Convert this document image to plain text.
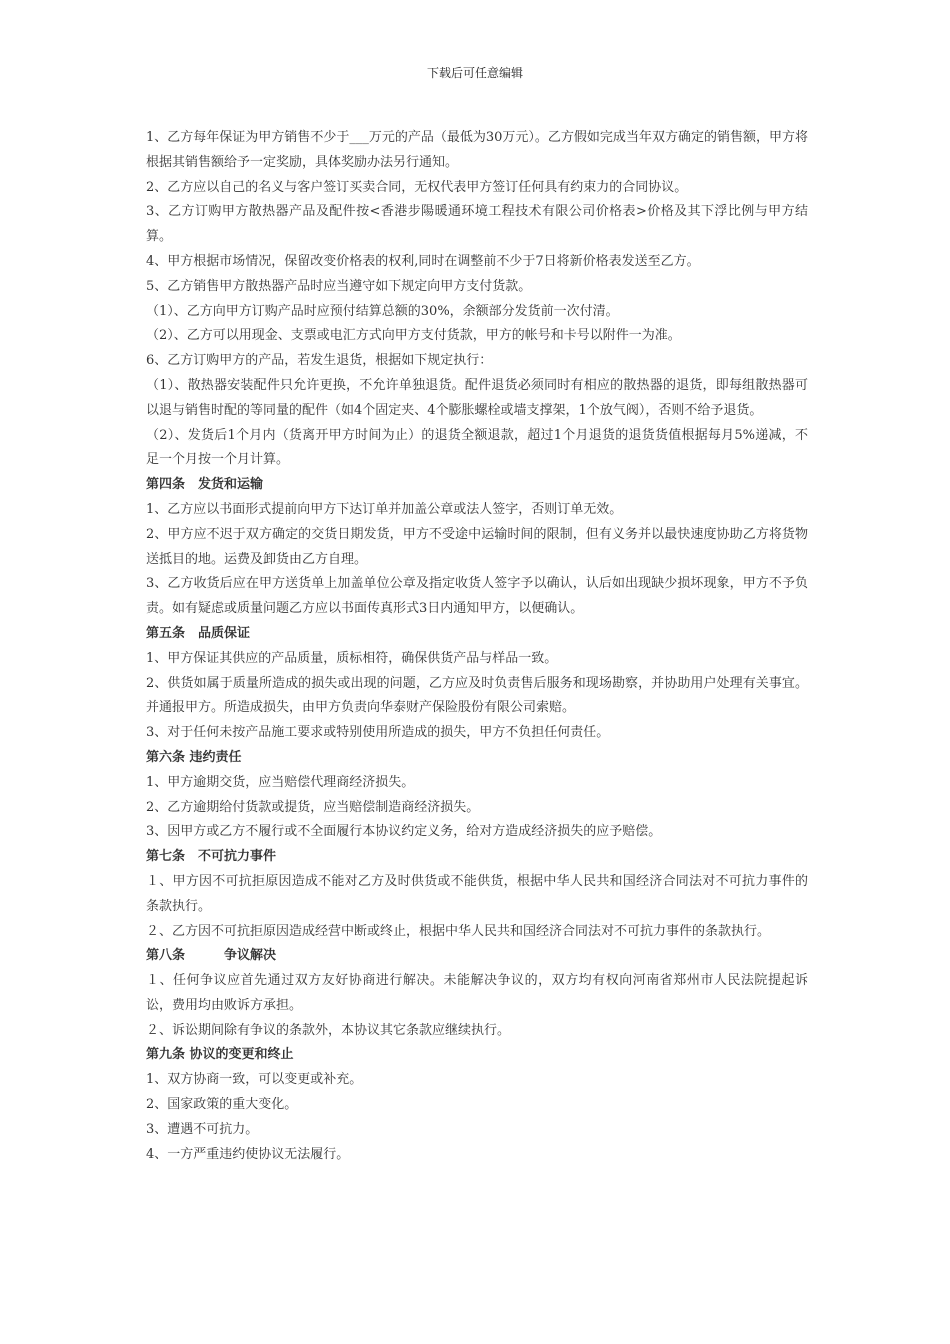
下载后可任意编辑

1、乙方每年保证为甲方销售不少于___万元的产品（最低为30万元）。乙方假如完成当年双方确定的销售额，甲方将根据其销售额给予一定奖励，具体奖励办法另行通知。

2、乙方应以自己的名义与客户签订买卖合同，无权代表甲方签订任何具有约束力的合同协议。

3、乙方订购甲方散热器产品及配件按<香港步陽暖通环境工程技术有限公司价格表>价格及其下浮比例与甲方结算。

4、甲方根据市场情况，保留改变价格表的权利,同时在调整前不少于7日将新价格表发送至乙方。

5、乙方销售甲方散热器产品时应当遵守如下规定向甲方支付货款。

（1）、乙方向甲方订购产品时应预付结算总额的30%，余额部分发货前一次付清。

（2）、乙方可以用现金、支票或电汇方式向甲方支付货款，甲方的帐号和卡号以附件一为准。

6、乙方订购甲方的产品，若发生退货，根据如下规定执行：

（1）、散热器安装配件只允许更换，不允许单独退货。配件退货必须同时有相应的散热器的退货，即每组散热器可以退与销售时配的等同量的配件（如4个固定夹、4个膨胀螺栓或墙支撑架，1个放气阀），否则不给予退货。

（2）、发货后1个月内（货离开甲方时间为止）的退货全额退款，超过1个月退货的退货货值根据每月5%递减，不足一个月按一个月计算。

第四条　发货和运输

1、乙方应以书面形式提前向甲方下达订单并加盖公章或法人签字，否则订单无效。

2、甲方应不迟于双方确定的交货日期发货，甲方不受途中运输时间的限制，但有义务并以最快速度协助乙方将货物送抵目的地。运费及卸货由乙方自理。

3、乙方收货后应在甲方送货单上加盖单位公章及指定收货人签字予以确认，认后如出现缺少损坏现象，甲方不予负责。如有疑虑或质量问题乙方应以书面传真形式3日内通知甲方，以便确认。

第五条　品质保证

1、甲方保证其供应的产品质量，质标相符，确保供货产品与样品一致。

2、供货如属于质量所造成的损失或出现的问题，乙方应及时负责售后服务和现场勘察，并协助用户处理有关事宜。并通报甲方。所造成损失，由甲方负责向华泰财产保险股份有限公司索赔。

3、对于任何未按产品施工要求或特别使用所造成的损失，甲方不负担任何责任。

第六条 违约责任

1、甲方逾期交货，应当赔偿代理商经济损失。

2、乙方逾期给付货款或提货，应当赔偿制造商经济损失。

3、因甲方或乙方不履行或不全面履行本协议约定义务，给对方造成经济损失的应予赔偿。

第七条　不可抗力事件

１、甲方因不可抗拒原因造成不能对乙方及时供货或不能供货，根据中华人民共和国经济合同法对不可抗力事件的条款执行。

２、乙方因不可抗拒原因造成经营中断或终止，根据中华人民共和国经济合同法对不可抗力事件的条款执行。

第八条　　　争议解决

１、任何争议应首先通过双方友好协商进行解决。未能解决争议的，双方均有权向河南省郑州市人民法院提起诉讼，费用均由败诉方承担。

２、诉讼期间除有争议的条款外，本协议其它条款应继续执行。

第九条 协议的变更和终止

1、双方协商一致，可以变更或补充。

2、国家政策的重大变化。

3、遭遇不可抗力。

4、一方严重违约使协议无法履行。
